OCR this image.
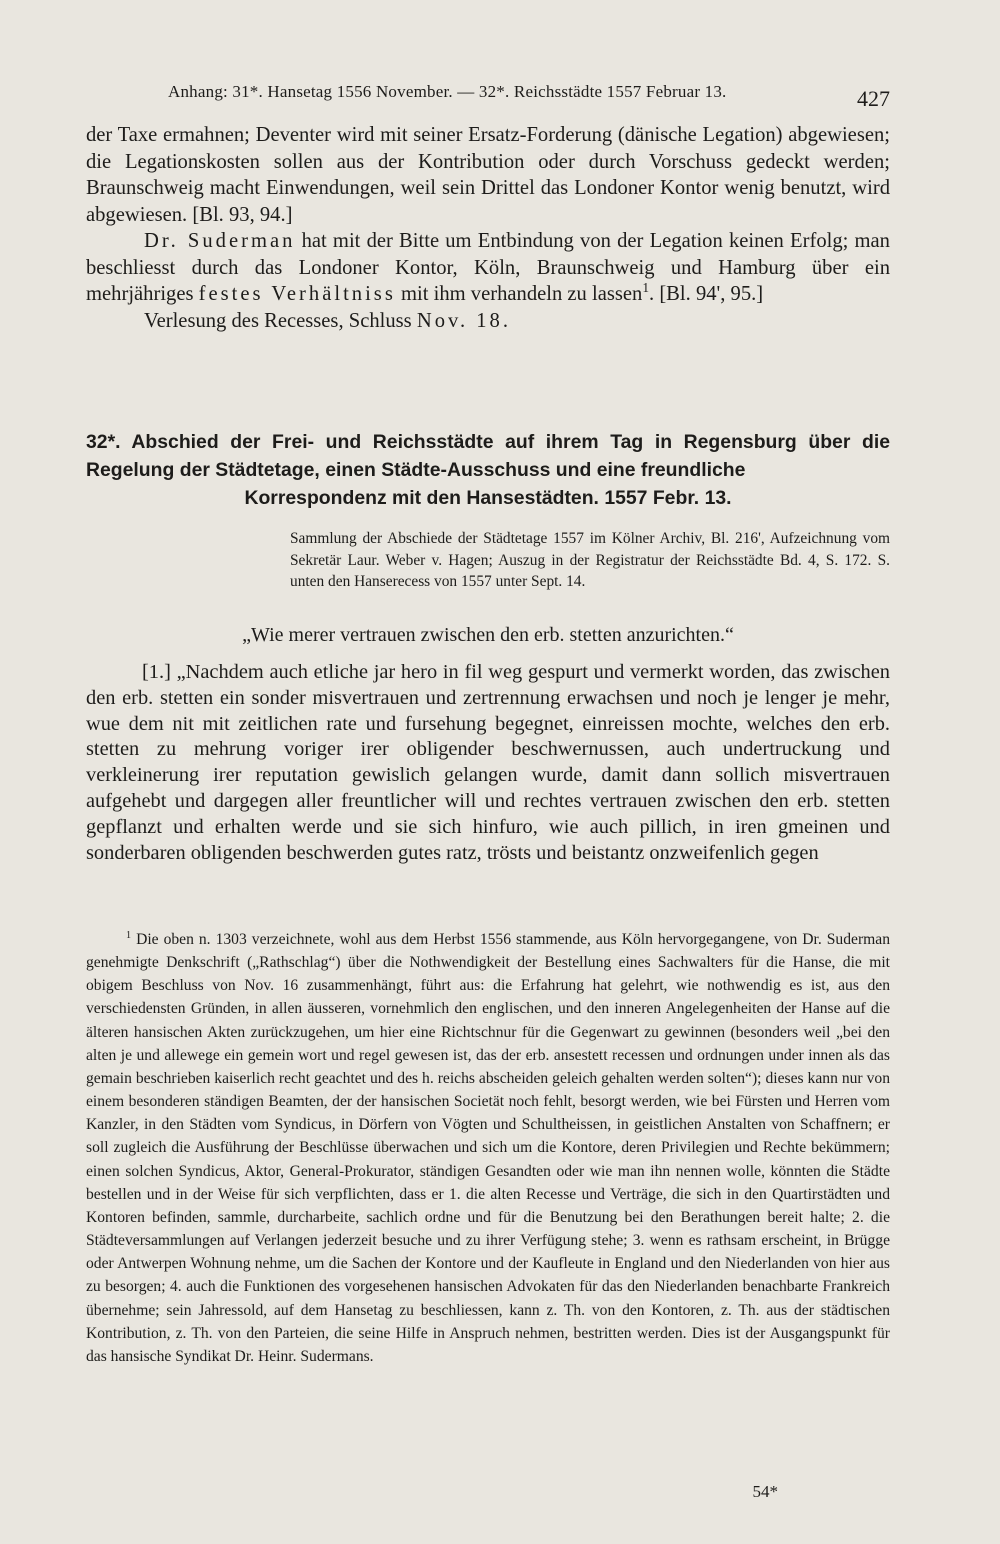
Anhang: 31*. Hansetag 1556 November. — 32*. Reichsstädte 1557 Februar 13.	427

der Taxe ermahnen; Deventer wird mit seiner Ersatz-Forderung (dänische Legation) abgewiesen; die Legationskosten sollen aus der Kontribution oder durch Vorschuss gedeckt werden; Braunschweig macht Einwendungen, weil sein Drittel das Londoner Kontor wenig benutzt, wird abgewiesen. [Bl. 93, 94.]

Dr. Suderman hat mit der Bitte um Entbindung von der Legation keinen Erfolg; man beschliesst durch das Londoner Kontor, Köln, Braunschweig und Hamburg über ein mehrjähriges festes Verhältniss mit ihm verhandeln zu lassen$^1$. [Bl. 94', 95.]

Verlesung des Recesses, Schluss Nov. 18.

32*. Abschied der Frei- und Reichsstädte auf ihrem Tag in Regensburg über die Regelung der Städtetage, einen Städte-Ausschuss und eine freundliche
Korrespondenz mit den Hansestädten. 1557 Febr. 13.
Sammlung der Abschiede der Städtetage 1557 im Kölner Archiv, Bl. 216', Aufzeichnung vom Sekretär Laur. Weber v. Hagen; Auszug in der Registratur der Reichsstädte Bd. 4, S. 172. S. unten den Hanserecess von 1557 unter Sept. 14.
„Wie merer vertrauen zwischen den erb. stetten anzurichten.“

[1.] „Nachdem auch etliche jar hero in fil weg gespurt und vermerkt worden, das zwischen den erb. stetten ein sonder misvertrauen und zertrennung erwachsen und noch je lenger je mehr, wue dem nit mit zeitlichen rate und fursehung begegnet, einreissen mochte, welches den erb. stetten zu mehrung voriger irer obligender beschwernussen, auch undertruckung und verkleinerung irer reputation gewislich gelangen wurde, damit dann sollich misvertrauen aufgehebt und dargegen aller freuntlicher will und rechtes vertrauen zwischen den erb. stetten gepflanzt und erhalten werde und sie sich hinfuro, wie auch pillich, in iren gmeinen und sonderbaren obligenden beschwerden gutes ratz, trösts und beistantz onzweifenlich gegen

$^1$ Die oben n. 1303 verzeichnete, wohl aus dem Herbst 1556 stammende, aus Köln hervorgegangene, von Dr. Suderman genehmigte Denkschrift („Rathschlag“) über die Nothwendigkeit der Bestellung eines Sachwalters für die Hanse, die mit obigem Beschluss von Nov. 16 zusammenhängt, führt aus: die Erfahrung hat gelehrt, wie nothwendig es ist, aus den verschiedensten Gründen, in allen äusseren, vornehmlich den englischen, und den inneren Angelegenheiten der Hanse auf die älteren hansischen Akten zurückzugehen, um hier eine Richtschnur für die Gegenwart zu gewinnen (besonders weil „bei den alten je und allewege ein gemein wort und regel gewesen ist, das der erb. ansestett recessen und ordnungen under innen als das gemain beschrieben kaiserlich recht geachtet und des h. reichs abscheiden geleich gehalten werden solten“); dieses kann nur von einem besonderen ständigen Beamten, der der hansischen Societät noch fehlt, besorgt werden, wie bei Fürsten und Herren vom Kanzler, in den Städten vom Syndicus, in Dörfern von Vögten und Schultheissen, in geistlichen Anstalten von Schaffnern; er soll zugleich die Ausführung der Beschlüsse überwachen und sich um die Kontore, deren Privilegien und Rechte bekümmern; einen solchen Syndicus, Aktor, General-Prokurator, ständigen Gesandten oder wie man ihn nennen wolle, könnten die Städte bestellen und in der Weise für sich verpflichten, dass er 1. die alten Recesse und Verträge, die sich in den Quartirstädten und Kontoren befinden, sammle, durcharbeite, sachlich ordne und für die Benutzung bei den Berathungen bereit halte; 2. die Städteversammlungen auf Verlangen jederzeit besuche und zu ihrer Verfügung stehe; 3. wenn es rathsam erscheint, in Brügge oder Antwerpen Wohnung nehme, um die Sachen der Kontore und der Kaufleute in England und den Niederlanden von hier aus zu besorgen; 4. auch die Funktionen des vorgesehenen hansischen Advokaten für das den Niederlanden benachbarte Frankreich übernehme; sein Jahressold, auf dem Hansetag zu beschliessen, kann z. Th. von den Kontoren, z. Th. aus der städtischen Kontribution, z. Th. von den Parteien, die seine Hilfe in Anspruch nehmen, bestritten werden. Dies ist der Ausgangspunkt für das hansische Syndikat Dr. Heinr. Sudermans.

54*
